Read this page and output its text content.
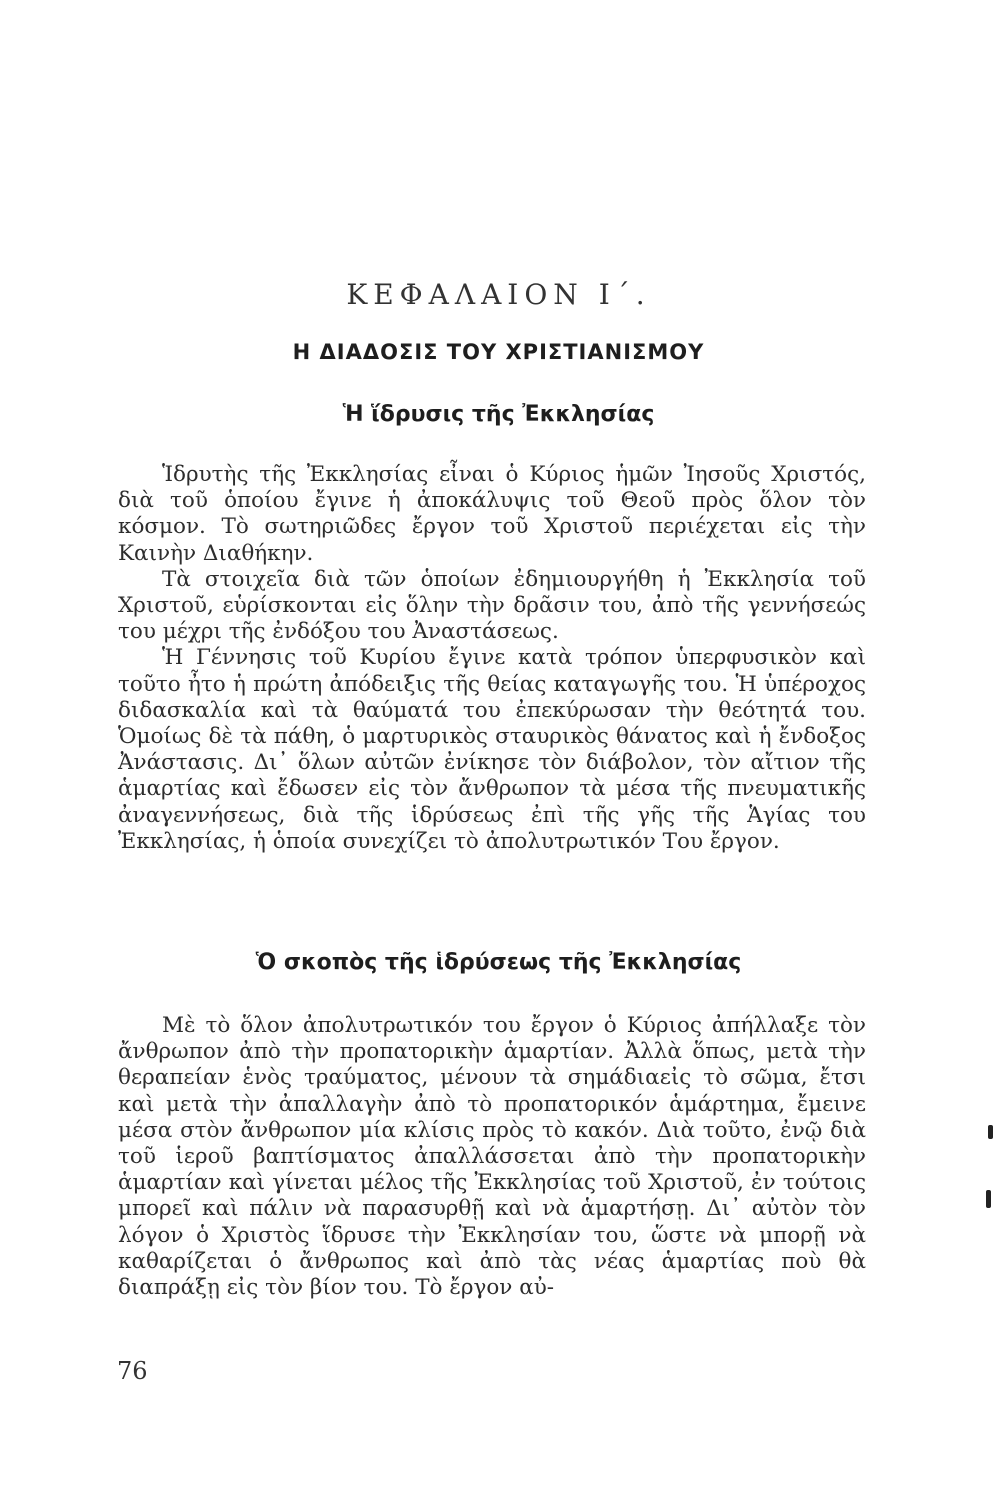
ΚΕΦΑΛΑΙΟΝ Ι΄.
Η ΔΙΑΔΟΣΙΣ ΤΟΥ ΧΡΙΣΤΙΑΝΙΣΜΟΥ
Ἡ ἵδρυσις τῆς Ἐκκλησίας

Ἱδρυτὴς τῆς Ἐκκλησίας εἶναι ὁ Κύριος ἡμῶν Ἰησοῦς Χριστός, διὰ τοῦ ὁποίου ἔγινε ἡ ἀποκάλυψις τοῦ Θεοῦ πρὸς ὅλον τὸν κόσμον. Τὸ σωτηριῶδες ἔργον τοῦ Χριστοῦ περιέχεται εἰς τὴν Καινὴν Διαθήκην.

Τὰ στοιχεῖα διὰ τῶν ὁποίων ἐδημιουργήθη ἡ Ἐκκλησία τοῦ Χριστοῦ, εὑρίσκονται εἰς ὅλην τὴν δρᾶσιν του, ἀπὸ τῆς γεννήσεώς του μέχρι τῆς ἐνδόξου του Ἀναστάσεως.

Ἡ Γέννησις τοῦ Κυρίου ἔγινε κατὰ τρόπον ὑπερφυσικὸν καὶ τοῦτο ἦτο ἡ πρώτη ἀπόδειξις τῆς θείας καταγωγῆς του. Ἡ ὑπέροχος διδασκαλία καὶ τὰ θαύματά του ἐπεκύρωσαν τὴν θεότητά του. Ὁμοίως δὲ τὰ πάθη, ὁ μαρτυρικὸς σταυρικὸς θάνατος καὶ ἡ ἔνδοξος Ἀνάστασις. Δι᾿ ὅλων αὐτῶν ἐνίκησε τὸν διάβολον, τὸν αἴτιον τῆς ἁμαρτίας καὶ ἔδωσεν εἰς τὸν ἄνθρωπον τὰ μέσα τῆς πνευματικῆς ἀναγεννήσεως, διὰ τῆς ἱδρύσεως ἐπὶ τῆς γῆς τῆς Ἁγίας του Ἐκκλησίας, ἡ ὁποία συνεχίζει τὸ ἀπολυτρωτικόν Του ἔργον.

Ὁ σκοπὸς τῆς ἱδρύσεως τῆς Ἐκκλησίας

Μὲ τὸ ὅλον ἀπολυτρωτικόν του ἔργον ὁ Κύριος ἀπήλλαξε τὸν ἄνθρωπον ἀπὸ τὴν προπατορικὴν ἁμαρτίαν. Ἀλλὰ ὅπως, μετὰ τὴν θεραπείαν ἑνὸς τραύματος, μένουν τὰ σημάδιαεἰς τὸ σῶμα, ἔτσι καὶ μετὰ τὴν ἀπαλλαγὴν ἀπὸ τὸ προπατορικόν ἁμάρτημα, ἔμεινε μέσα στὸν ἄνθρωπον μία κλίσις πρὸς τὸ κακόν. Διὰ τοῦτο, ἐνῷ διὰ τοῦ ἱεροῦ βαπτίσματος ἀπαλλάσσεται ἀπὸ τὴν προπατορικὴν ἁμαρτίαν καὶ γίνεται μέλος τῆς Ἐκκλησίας τοῦ Χριστοῦ, ἐν τούτοις μπορεῖ καὶ πάλιν νὰ παρασυρθῇ καὶ νὰ ἁμαρτήσῃ. Δι᾿ αὐτὸν τὸν λόγον ὁ Χριστὸς ἵδρυσε τὴν Ἐκκλησίαν του, ὥστε νὰ μπορῇ νὰ καθαρίζεται ὁ ἄνθρωπος καὶ ἀπὸ τὰς νέας ἁμαρτίας ποὺ θὰ διαπράξῃ εἰς τὸν βίον του. Τὸ ἔργον αὐ-

76
